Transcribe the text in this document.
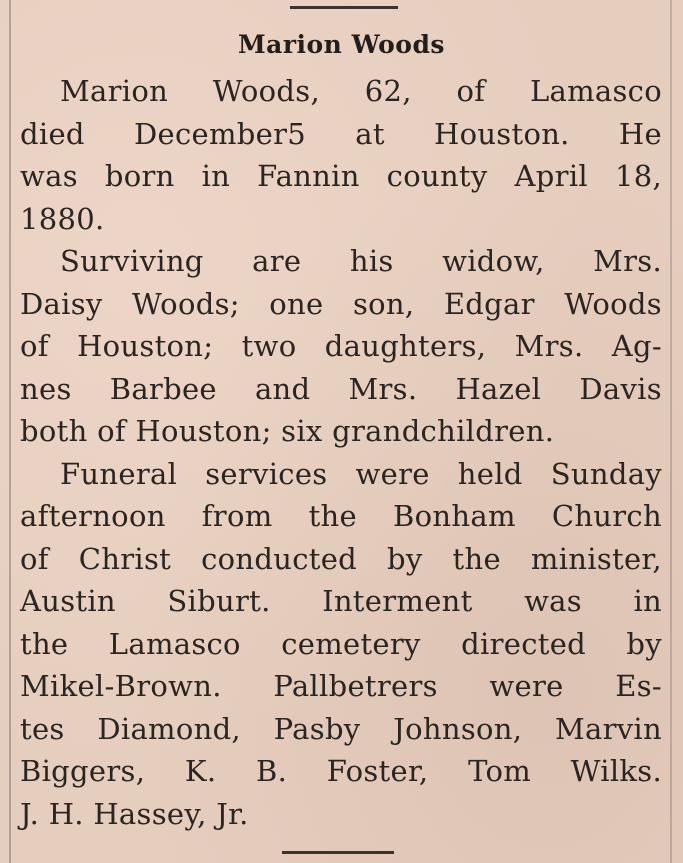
Marion Woods
Marion Woods, 62, of Lamasco
died December5 at Houston. He
was born in Fannin county April 18,
1880.
Surviving are his widow, Mrs.
Daisy Woods; one son, Edgar Woods
of Houston; two daughters, Mrs. Ag-
nes Barbee and Mrs. Hazel Davis
both of Houston; six grandchildren.
Funeral services were held Sunday
afternoon from the Bonham Church
of Christ conducted by the minister,
Austin Siburt. Interment was in
the Lamasco cemetery directed by
Mikel-Brown. Pallbetrers were Es-
tes Diamond, Pasby Johnson, Marvin
Biggers, K. B. Foster, Tom Wilks.
J. H. Hassey, Jr.
